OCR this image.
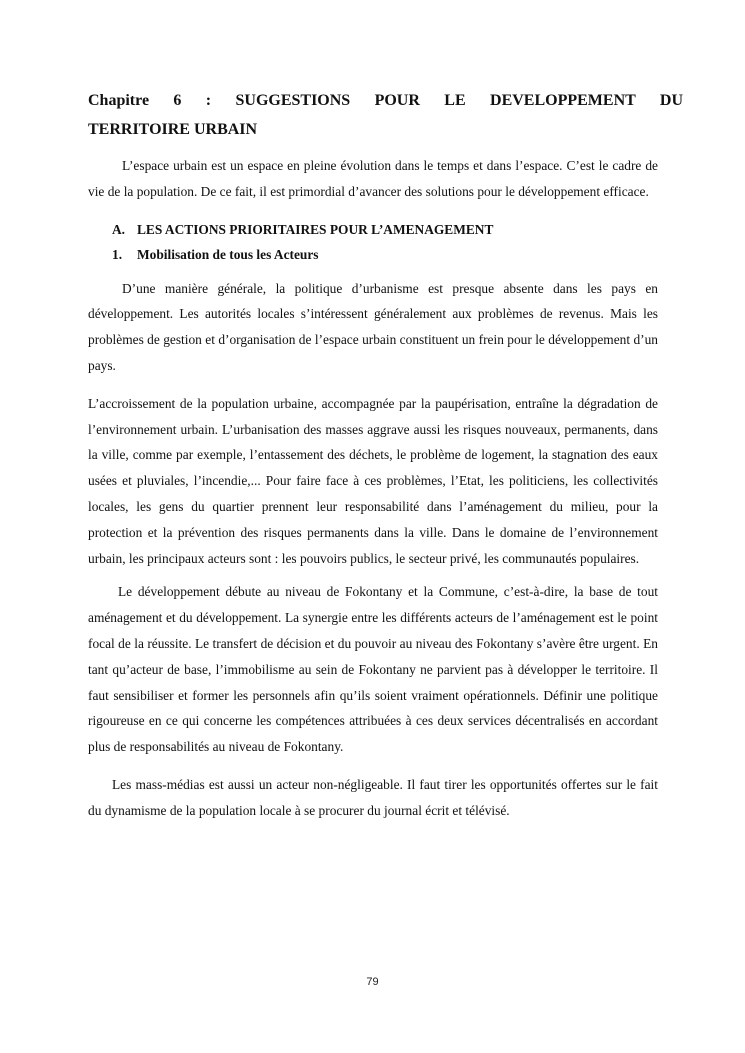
Chapitre 6 : SUGGESTIONS POUR LE DEVELOPPEMENT DU
TERRITOIRE URBAIN

L’espace urbain est un espace en pleine évolution dans le temps et dans l’espace. C’est le cadre de vie de la population. De ce fait, il est primordial d’avancer des solutions pour le développement efficace.

A. LES ACTIONS PRIORITAIRES POUR L’AMENAGEMENT
1. Mobilisation de tous les Acteurs

D’une manière générale, la politique d’urbanisme est presque absente dans les pays en développement. Les autorités locales s’intéressent généralement aux problèmes de revenus. Mais les problèmes de gestion et d’organisation de l’espace urbain constituent un frein pour le développement d’un pays.

L’accroissement de la population urbaine, accompagnée par la paupérisation, entraîne la dégradation de l’environnement urbain. L’urbanisation des masses aggrave aussi les risques nouveaux, permanents, dans la ville, comme par exemple, l’entassement des déchets, le problème de logement, la stagnation des eaux usées et pluviales, l’incendie,... Pour faire face à ces problèmes, l’Etat, les politiciens, les collectivités locales, les gens du quartier prennent leur responsabilité dans l’aménagement du milieu, pour la protection et la prévention des risques permanents dans la ville. Dans le domaine de l’environnement urbain, les principaux acteurs sont : les pouvoirs publics, le secteur privé, les communautés populaires.

Le développement débute au niveau de Fokontany et la Commune, c’est-à-dire, la base de tout aménagement et du développement. La synergie entre les différents acteurs de l’aménagement est le point focal de la réussite. Le transfert de décision et du pouvoir au niveau des Fokontany s’avère être urgent. En tant qu’acteur de base, l’immobilisme au sein de Fokontany ne parvient pas à développer le territoire. Il faut sensibiliser et former les personnels afin qu’ils soient vraiment opérationnels. Définir une politique rigoureuse en ce qui concerne les compétences attribuées à ces deux services décentralisés en accordant plus de responsabilités au niveau de Fokontany.

Les mass-médias est aussi un acteur non-négligeable. Il faut tirer les opportunités offertes sur le fait du dynamisme de la population locale à se procurer du journal écrit et télévisé.

79
